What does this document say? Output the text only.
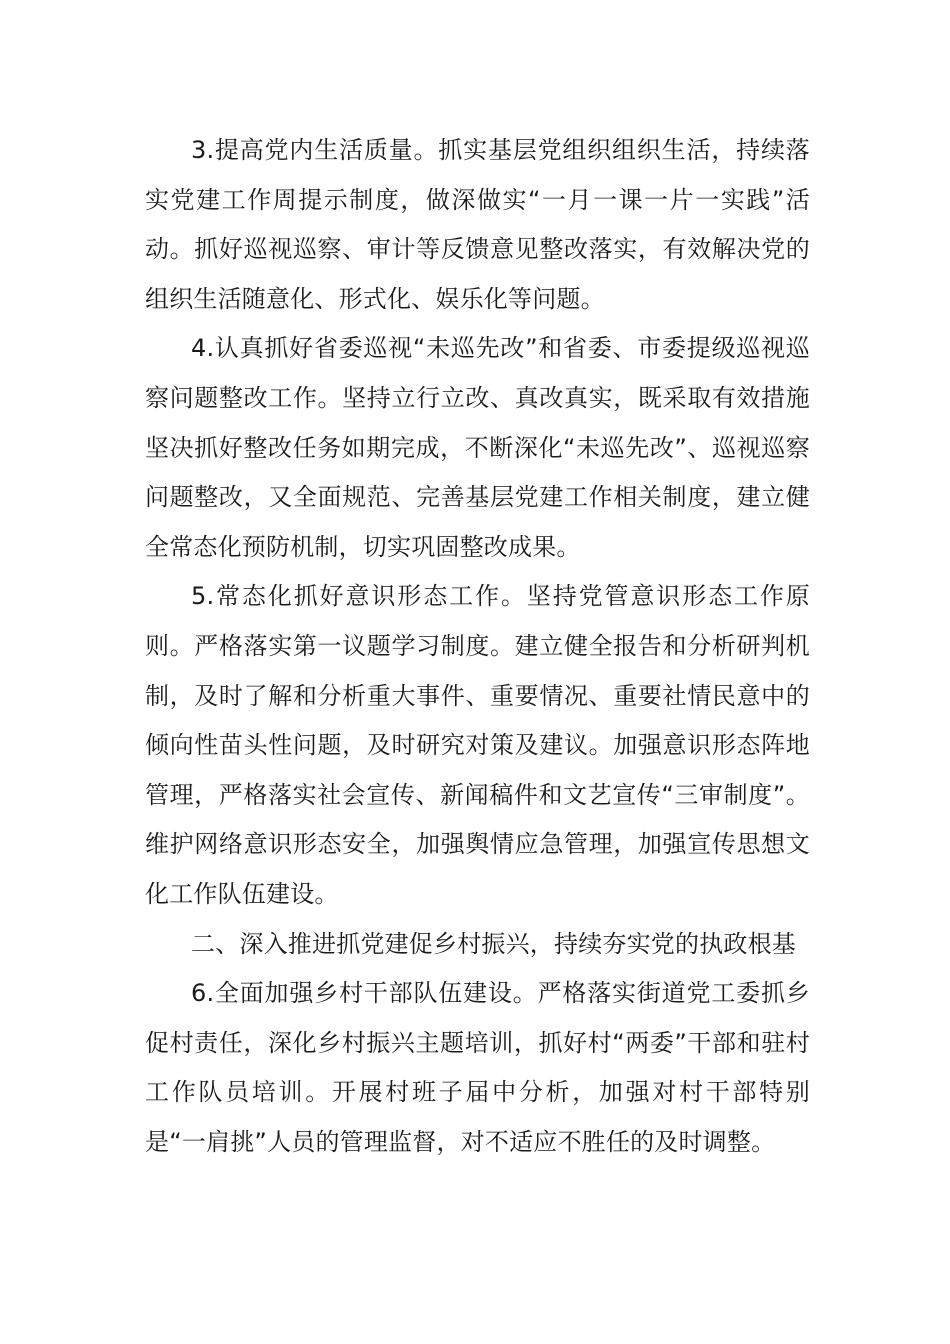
3.提高党内生活质量。抓实基层党组织组织生活，持续落实党建工作周提示制度，做深做实“一月一课一片一实践”活动。抓好巡视巡察、审计等反馈意见整改落实，有效解决党的组织生活随意化、形式化、娱乐化等问题。

4.认真抓好省委巡视“未巡先改”和省委、市委提级巡视巡察问题整改工作。坚持立行立改、真改真实，既采取有效措施坚决抓好整改任务如期完成，不断深化“未巡先改”、巡视巡察问题整改，又全面规范、完善基层党建工作相关制度，建立健全常态化预防机制，切实巩固整改成果。

5.常态化抓好意识形态工作。坚持党管意识形态工作原则。严格落实第一议题学习制度。建立健全报告和分析研判机制，及时了解和分析重大事件、重要情况、重要社情民意中的倾向性苗头性问题，及时研究对策及建议。加强意识形态阵地管理，严格落实社会宣传、新闻稿件和文艺宣传“三审制度”。维护网络意识形态安全，加强舆情应急管理，加强宣传思想文化工作队伍建设。

二、深入推进抓党建促乡村振兴，持续夯实党的执政根基

6.全面加强乡村干部队伍建设。严格落实街道党工委抓乡促村责任，深化乡村振兴主题培训，抓好村“两委”干部和驻村工作队员培训。开展村班子届中分析，加强对村干部特别是“一肩挑”人员的管理监督，对不适应不胜任的及时调整。
